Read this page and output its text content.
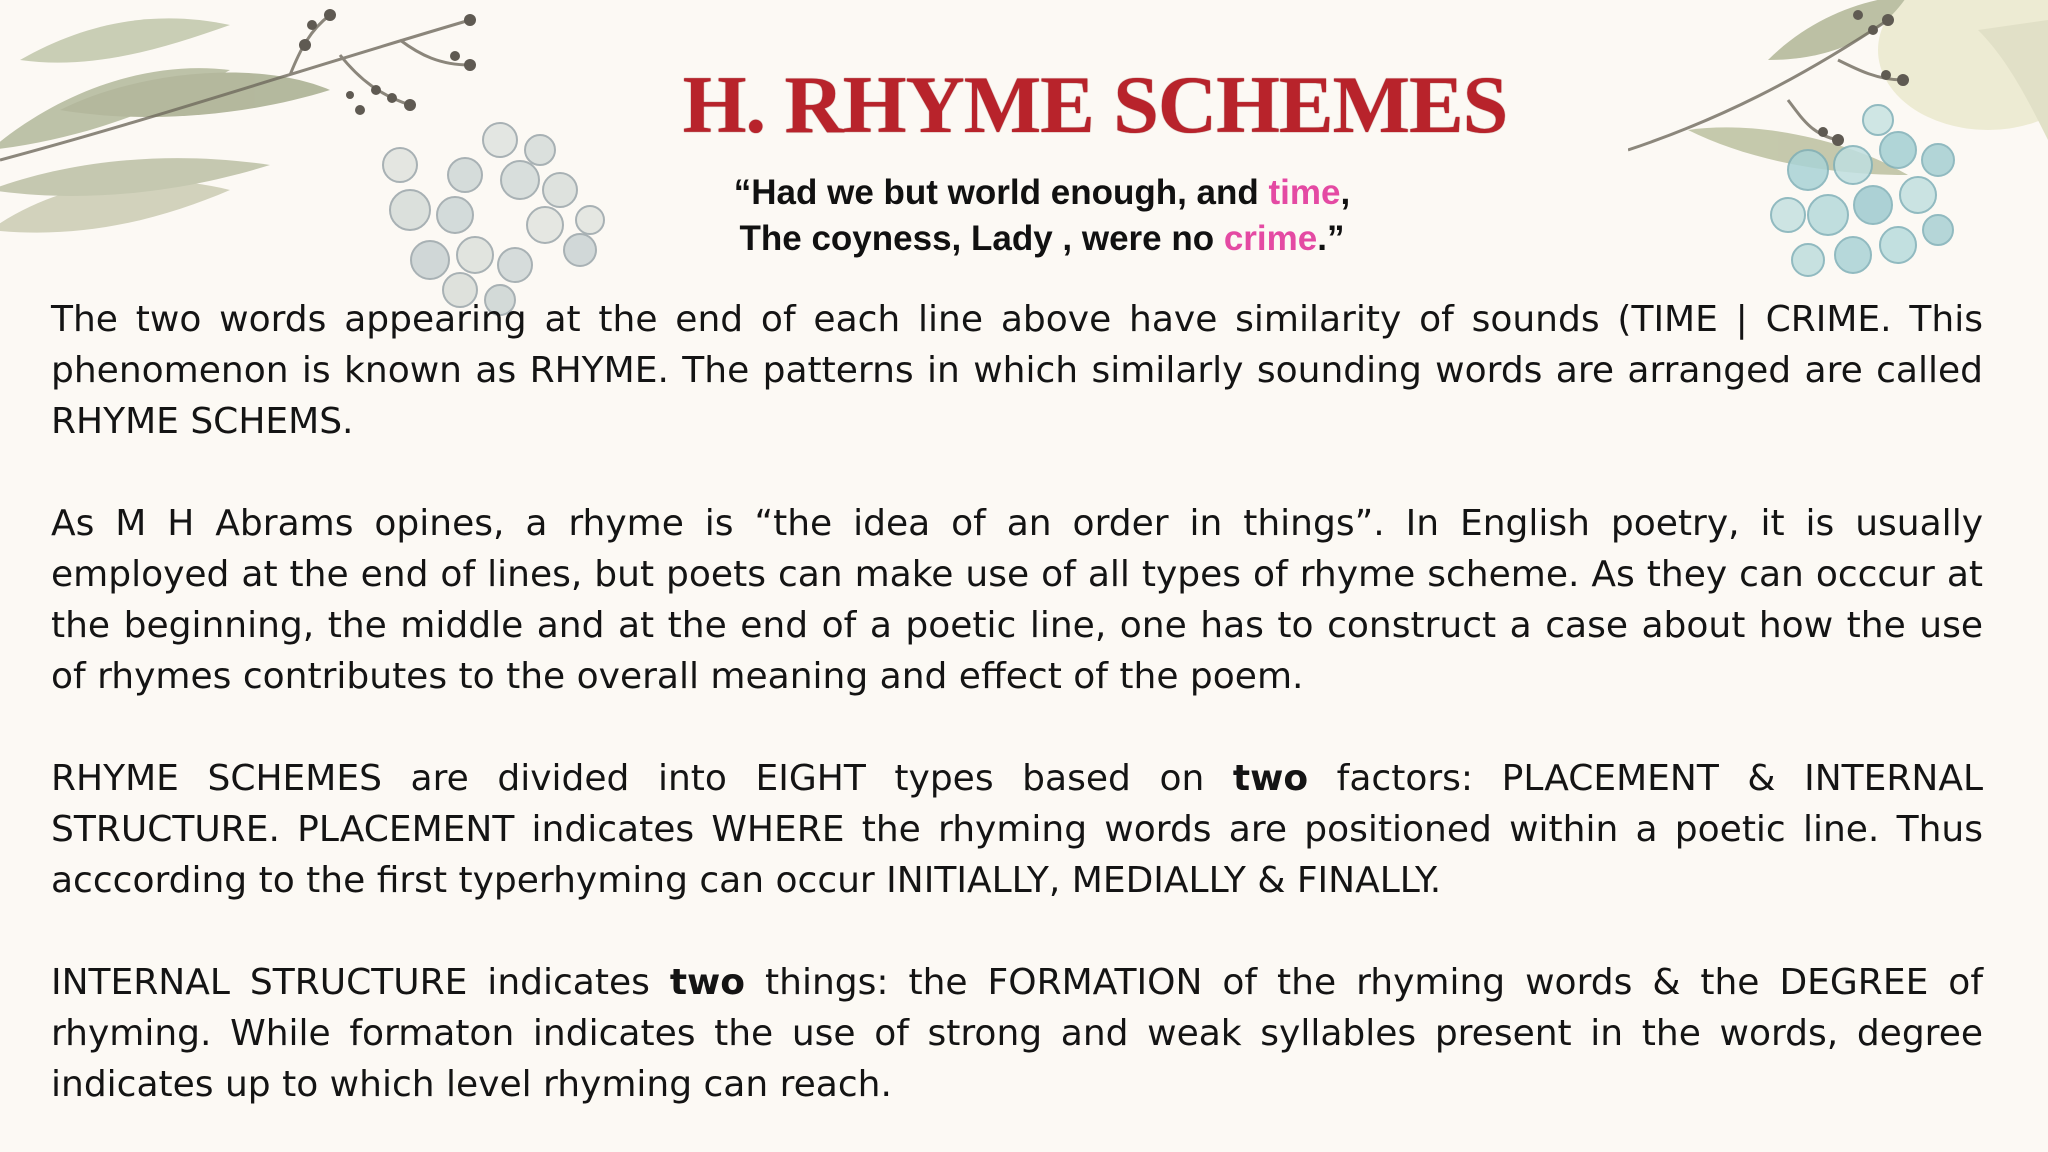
H. RHYME SCHEMES
“Had we but world enough, and time,
The coyness, Lady , were no crime.”

The two words appearing at the end of each line above have similarity of sounds (TIME | CRIME. This phenomenon is known as RHYME. The patterns in which similarly sounding words are arranged are called RHYME SCHEMS.

As M H Abrams opines, a rhyme is “the idea of an order in things”. In English poetry, it is usually employed at the end of lines, but poets can make use of all types of rhyme scheme. As they can occcur at the beginning, the middle and at the end of a poetic line, one has to construct a case about how the use of rhymes contributes to the overall meaning and effect of the poem.

RHYME SCHEMES are divided into EIGHT types based on two factors: PLACEMENT & INTERNAL STRUCTURE. PLACEMENT indicates WHERE the rhyming words are positioned within a poetic line. Thus acccording to the first typerhyming can occur INITIALLY, MEDIALLY & FINALLY.

INTERNAL STRUCTURE indicates two things: the FORMATION of the rhyming words & the DEGREE of rhyming. While formaton indicates the use of strong and weak syllables present in the words, degree indicates up to which level rhyming can reach.
